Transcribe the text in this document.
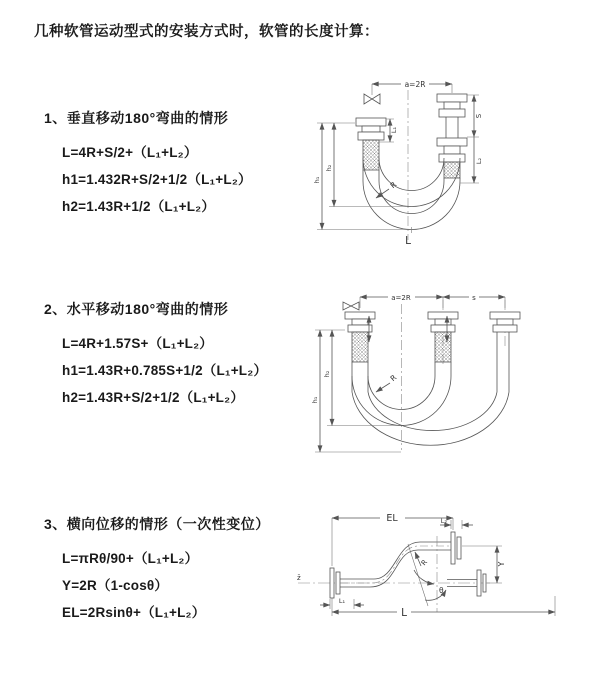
几种软管运动型式的安装方式时，软管的长度计算：
1、垂直移动180°弯曲的情形
L=4R+S/2+（L₁+L₂）
h1=1.432R+S/2+1/2（L₁+L₂）
h2=1.43R+1/2（L₁+L₂）
2、水平移动180°弯曲的情形
L=4R+1.57S+（L₁+L₂）
h1=1.43R+0.785S+1/2（L₁+L₂）
h2=1.43R+S/2+1/2（L₁+L₂）
3、横向位移的情形（一次性变位）
L=πRθ/90+（L₁+L₂）
Y=2R（1-cosθ）
EL=2Rsinθ+（L₁+L₂）
a=2R
L₁
S
L₂
h₁
h₂
R
L
a=2R	s
h₁
h₂	R
EL	L₂
z̄
Y
θ
R
L₁
L
